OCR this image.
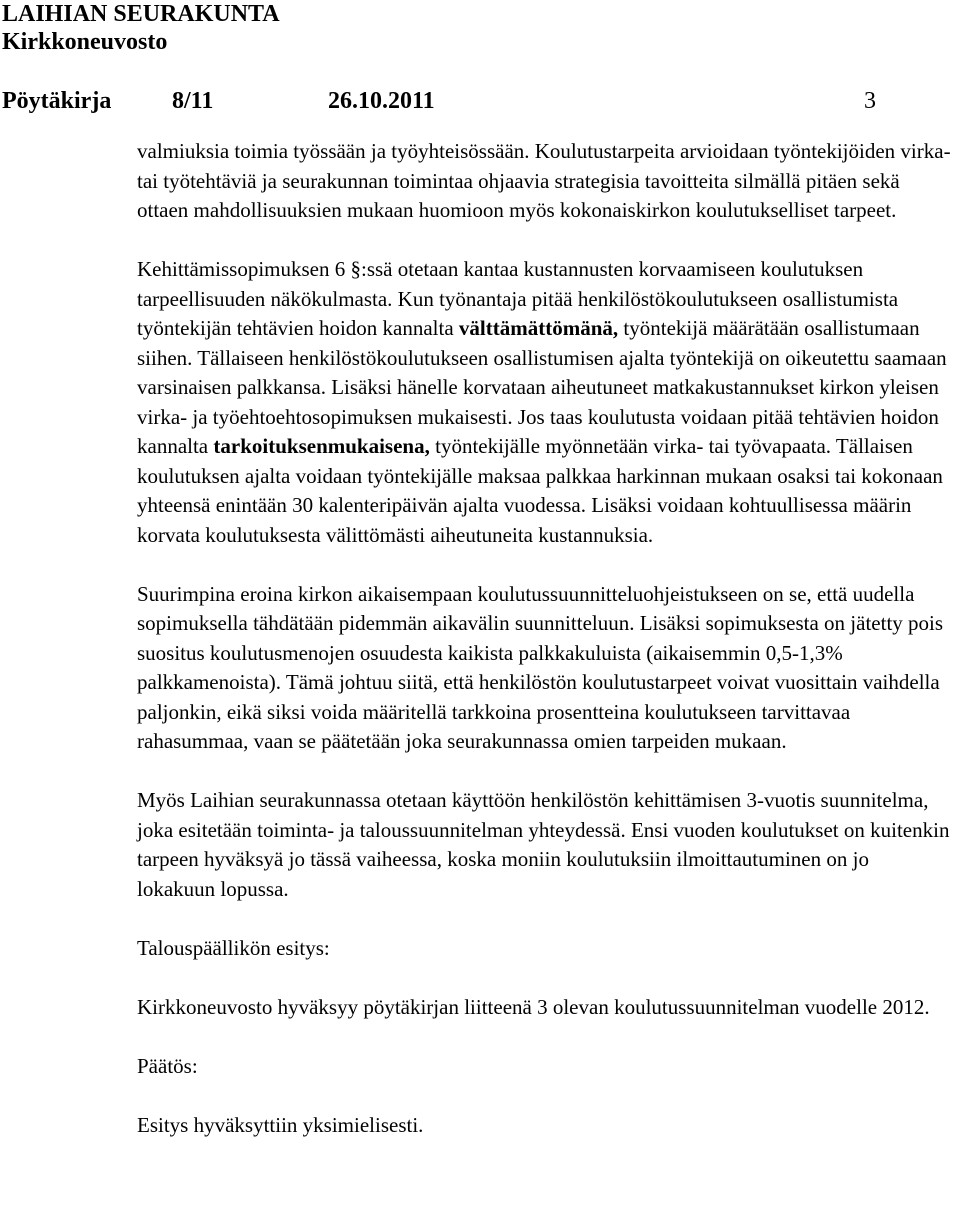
LAIHIAN SEURAKUNTA
Kirkkoneuvosto
Pöytäkirja	8/11	26.10.2011	3

valmiuksia toimia työssään ja työyhteisössään. Koulutustarpeita arvioidaan työntekijöiden virka- tai työtehtäviä ja seurakunnan toimintaa ohjaavia strategisia tavoitteita silmällä pitäen sekä ottaen mahdollisuuksien mukaan huomioon myös kokonaiskirkon koulutukselliset tarpeet.

Kehittämissopimuksen 6 §:ssä otetaan kantaa kustannusten korvaamiseen koulutuksen tarpeellisuuden näkökulmasta. Kun työnantaja pitää henkilöstökoulutukseen osallistumista työntekijän tehtävien hoidon kannalta välttämättömänä, työntekijä määrätään osallistumaan siihen. Tällaiseen henkilöstökoulutukseen osallistumisen ajalta työntekijä on oikeutettu saamaan varsinaisen palkkansa. Lisäksi hänelle korvataan aiheutuneet matkakustannukset kirkon yleisen virka- ja työehtoehtosopimuksen mukaisesti. Jos taas koulutusta voidaan pitää tehtävien hoidon kannalta tarkoituksenmukaisena, työntekijälle myönnetään virka- tai työvapaata. Tällaisen koulutuksen ajalta voidaan työntekijälle maksaa palkkaa harkinnan mukaan osaksi tai kokonaan yhteensä enintään 30 kalenteripäivän ajalta vuodessa. Lisäksi voidaan kohtuullisessa määrin korvata koulutuksesta välittömästi aiheutuneita kustannuksia.

Suurimpina eroina kirkon aikaisempaan koulutussuunnitteluohjeistukseen on se, että uudella sopimuksella tähdätään pidemmän aikavälin suunnitteluun. Lisäksi sopimuksesta on jätetty pois suositus koulutusmenojen osuudesta kaikista palkkakuluista (aikaisemmin 0,5-1,3% palkkamenoista). Tämä johtuu siitä, että henkilöstön koulutustarpeet voivat vuosittain vaihdella paljonkin, eikä siksi voida määritellä tarkkoina prosentteina koulutukseen tarvittavaa rahasummaa, vaan se päätetään joka seurakunnassa omien tarpeiden mukaan.

Myös Laihian seurakunnassa otetaan käyttöön henkilöstön kehittämisen 3-vuotis suunnitelma, joka esitetään toiminta- ja taloussuunnitelman yhteydessä. Ensi vuoden koulutukset on kuitenkin tarpeen hyväksyä jo tässä vaiheessa, koska moniin koulutuksiin ilmoittautuminen on jo lokakuun lopussa.

Talouspäällikön esitys:

Kirkkoneuvosto hyväksyy pöytäkirjan liitteenä 3 olevan koulutussuunnitelman vuodelle 2012.

Päätös:

Esitys hyväksyttiin yksimielisesti.
